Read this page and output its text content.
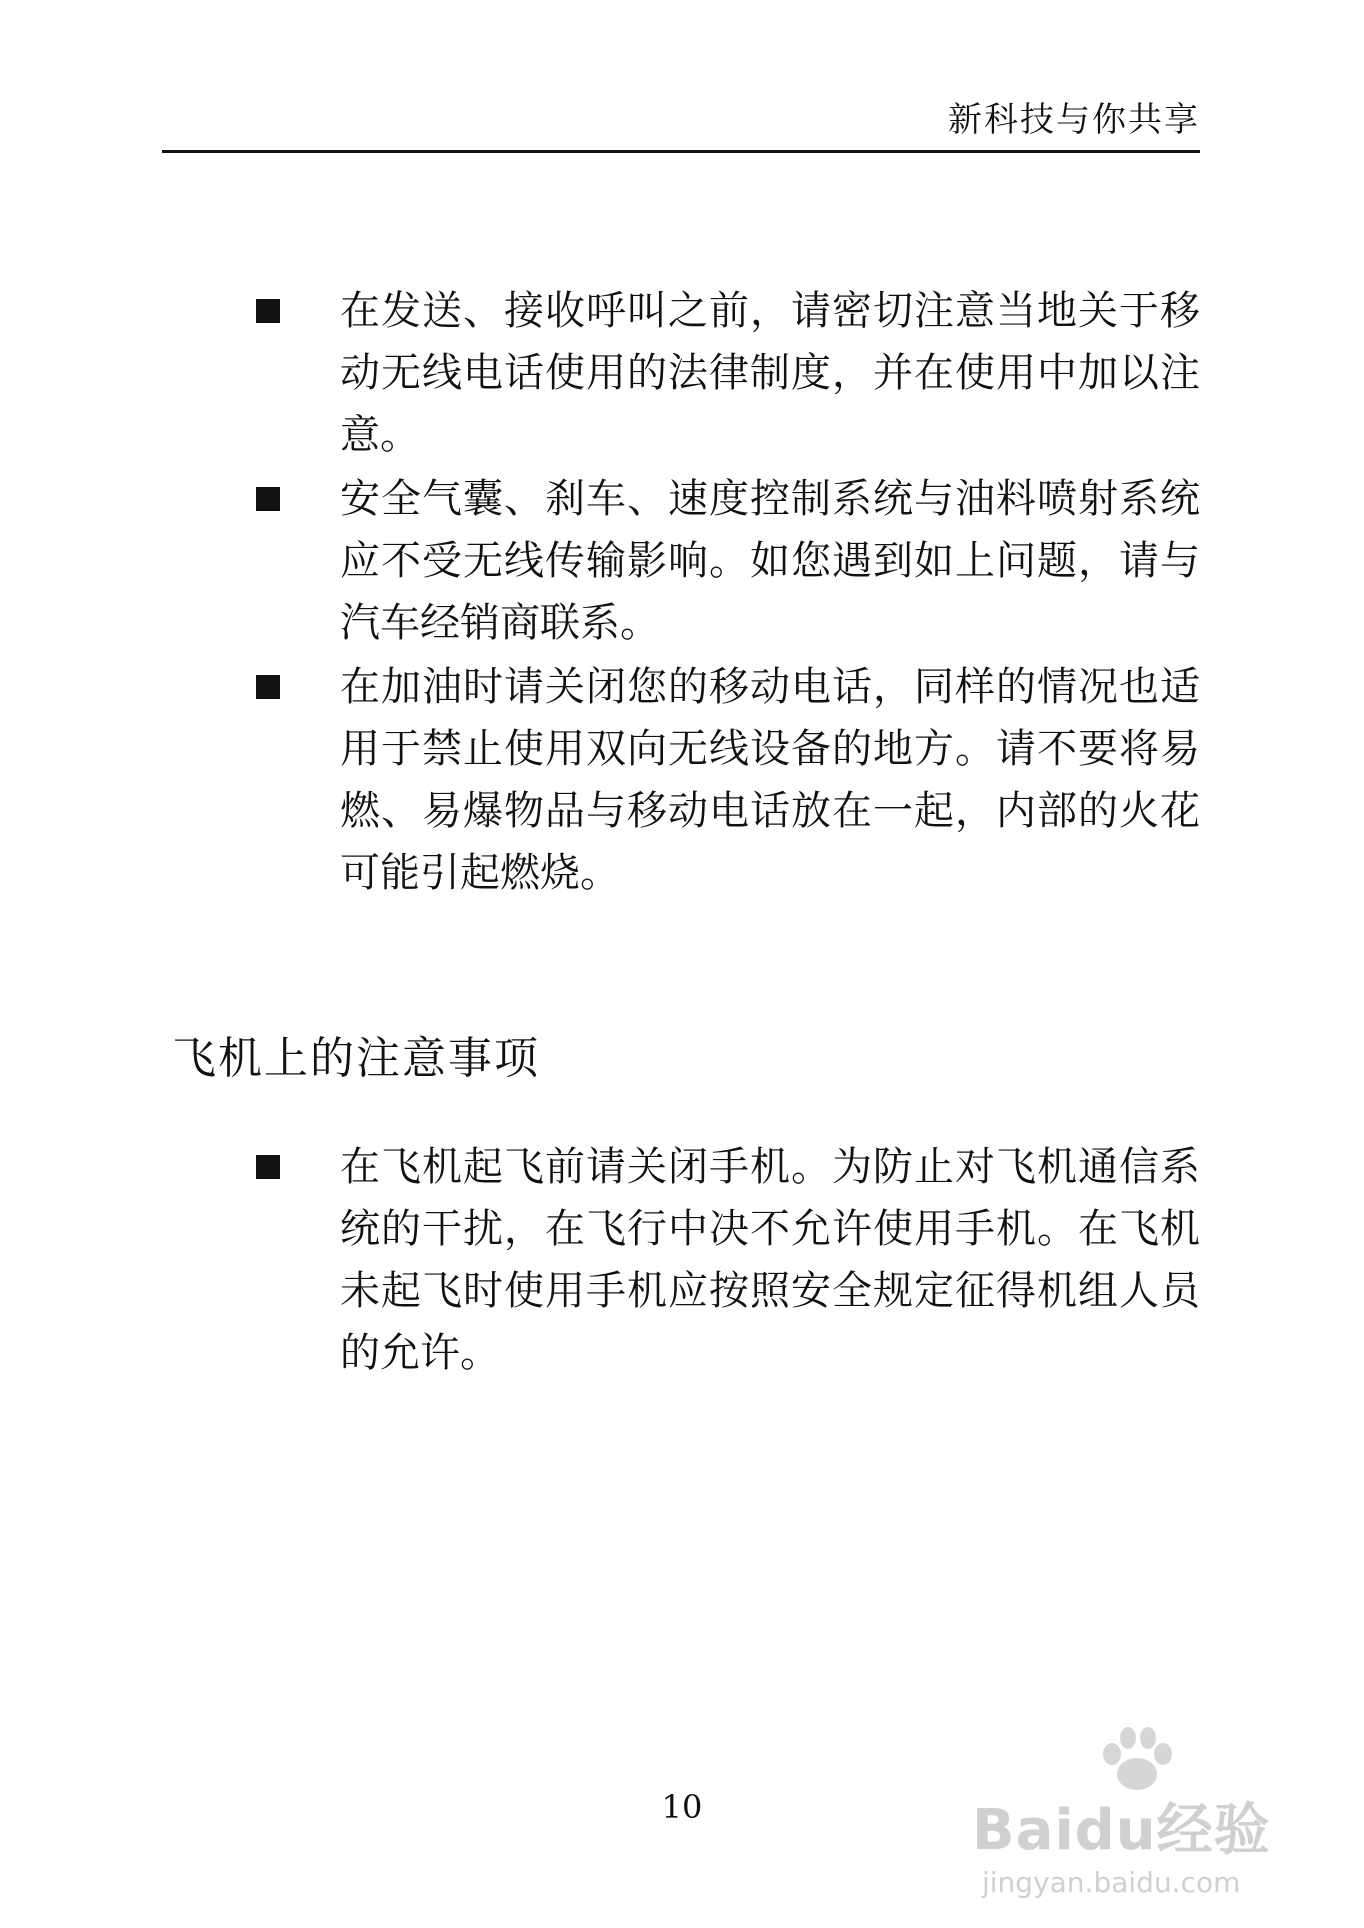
新科技与你共享
在发送、接收呼叫之前，请密切注意当地关于移动无线电话使用的法律制度，并在使用中加以注意。
安全气囊、刹车、速度控制系统与油料喷射系统应不受无线传输影响。如您遇到如上问题，请与汽车经销商联系。
在加油时请关闭您的移动电话，同样的情况也适用于禁止使用双向无线设备的地方。请不要将易燃、易爆物品与移动电话放在一起，内部的火花可能引起燃烧。
飞机上的注意事项
在飞机起飞前请关闭手机。为防止对飞机通信系统的干扰，在飞行中决不允许使用手机。在飞机未起飞时使用手机应按照安全规定征得机组人员的允许。
10	Baidu经验
jingyan.baidu.com
